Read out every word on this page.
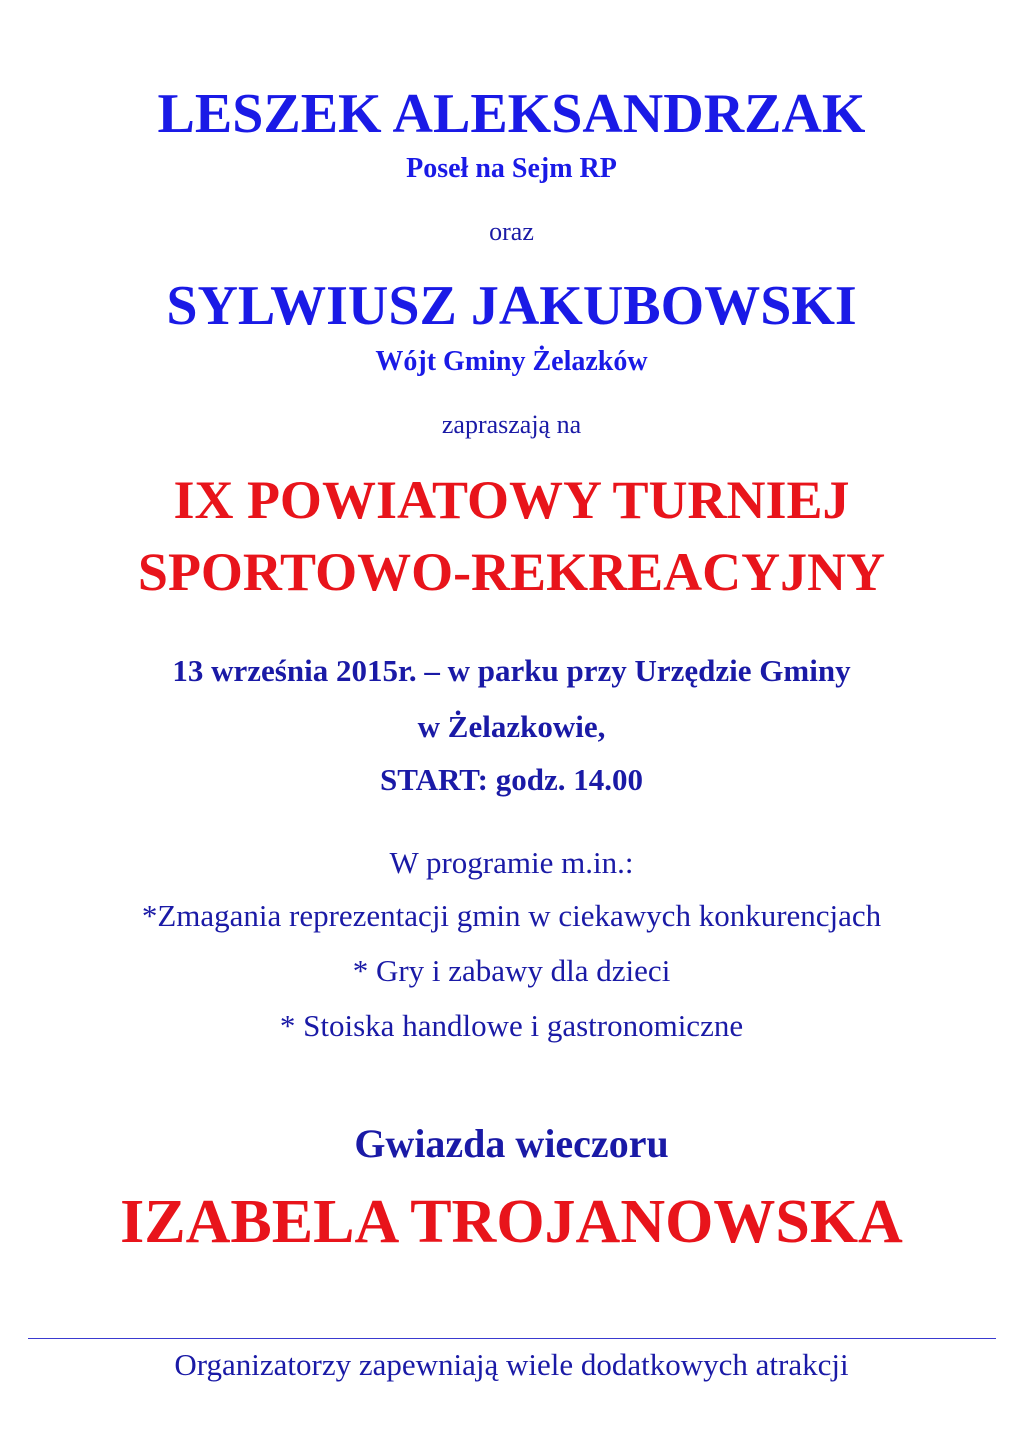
LESZEK ALEKSANDRZAK
Poseł na Sejm RP
oraz
SYLWIUSZ JAKUBOWSKI
Wójt Gminy Żelazków
zapraszają na
IX POWIATOWY TURNIEJ
SPORTOWO-REKREACYJNY
13 września 2015r. – w parku przy Urzędzie Gminy
w Żelazkowie,
START: godz. 14.00
W programie m.in.:
*Zmagania reprezentacji gmin w ciekawych konkurencjach
* Gry i zabawy dla dzieci
* Stoiska handlowe i gastronomiczne
Gwiazda wieczoru
IZABELA TROJANOWSKA
Organizatorzy zapewniają wiele dodatkowych atrakcji
